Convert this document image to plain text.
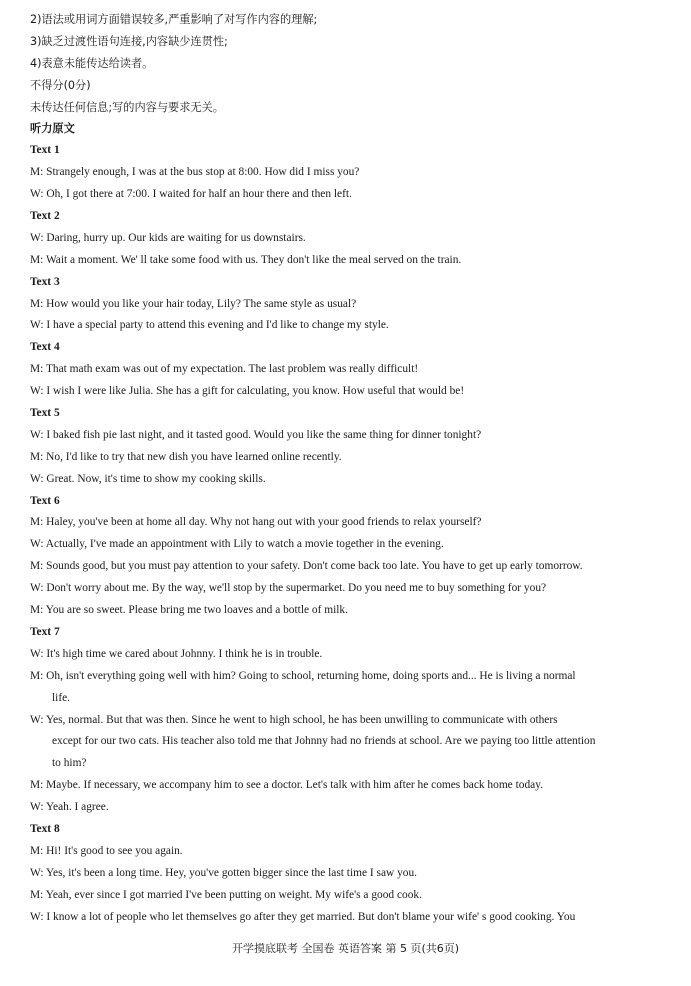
2)语法或用词方面错误较多,严重影响了对写作内容的理解;
3)缺乏过渡性语句连接,内容缺少连贯性;
4)表意未能传达给读者。
不得分(0分)
未传达任何信息;写的内容与要求无关。
听力原文
Text 1
M: Strangely enough, I was at the bus stop at 8:00. How did I miss you?
W: Oh, I got there at 7:00. I waited for half an hour there and then left.
Text 2
W: Daring, hurry up. Our kids are waiting for us downstairs.
M: Wait a moment. We' ll take some food with us. They don't like the meal served on the train.
Text 3
M: How would you like your hair today, Lily? The same style as usual?
W: I have a special party to attend this evening and I'd like to change my style.
Text 4
M: That math exam was out of my expectation. The last problem was really difficult!
W: I wish I were like Julia. She has a gift for calculating, you know. How useful that would be!
Text 5
W: I baked fish pie last night, and it tasted good. Would you like the same thing for dinner tonight?
M: No, I'd like to try that new dish you have learned online recently.
W: Great. Now, it's time to show my cooking skills.
Text 6
M: Haley, you've been at home all day. Why not hang out with your good friends to relax yourself?
W: Actually, I've made an appointment with Lily to watch a movie together in the evening.
M: Sounds good, but you must pay attention to your safety. Don't come back too late. You have to get up early tomorrow.
W: Don't worry about me. By the way, we'll stop by the supermarket. Do you need me to buy something for you?
M: You are so sweet. Please bring me two loaves and a bottle of milk.
Text 7
W: It's high time we cared about Johnny. I think he is in trouble.
M: Oh, isn't everything going well with him? Going to school, returning home, doing sports and... He is living a normal
life.
W: Yes, normal. But that was then. Since he went to high school, he has been unwilling to communicate with others
except for our two cats. His teacher also told me that Johnny had no friends at school. Are we paying too little attention
to him?
M: Maybe. If necessary, we accompany him to see a doctor. Let's talk with him after he comes back home today.
W: Yeah. I agree.
Text 8
M: Hi! It's good to see you again.
W: Yes, it's been a long time. Hey, you've gotten bigger since the last time I saw you.
M: Yeah, ever since I got married I've been putting on weight. My wife's a good cook.
W: I know a lot of people who let themselves go after they get married. But don't blame your wife' s good cooking. You
开学摸底联考 全国卷 英语答案 第 5 页(共6页)
